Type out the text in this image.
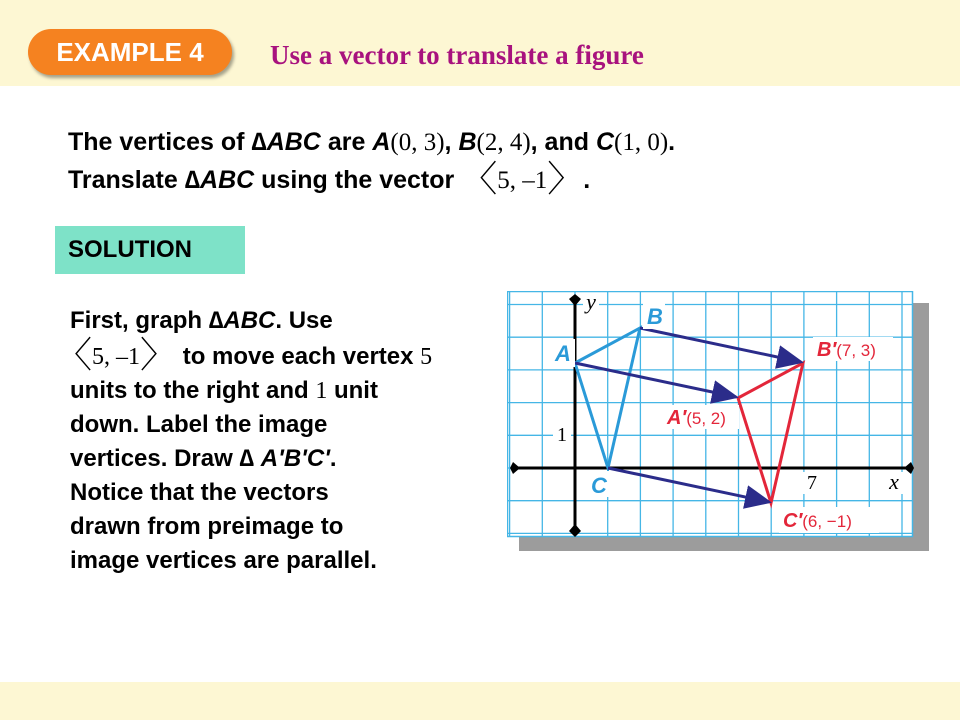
EXAMPLE 4	Use a vector to translate a figure
The vertices of ∆ABC are A(0, 3), B(2, 4), and C(1, 0).
Translate ∆ABC using the vector 〈5, –1〉.
SOLUTION
First, graph ∆ABC. Use
〈5, –1〉 to move each vertex 5
units to the right and 1 unit
down. Label the image
vertices. Draw ∆ A'B'C'.
Notice that the vectors
drawn from preimage to
image vertices are parallel.
1
7	x
y
A
B
C
A′(5, 2)
B′(7, 3)
C′(6, −1)
